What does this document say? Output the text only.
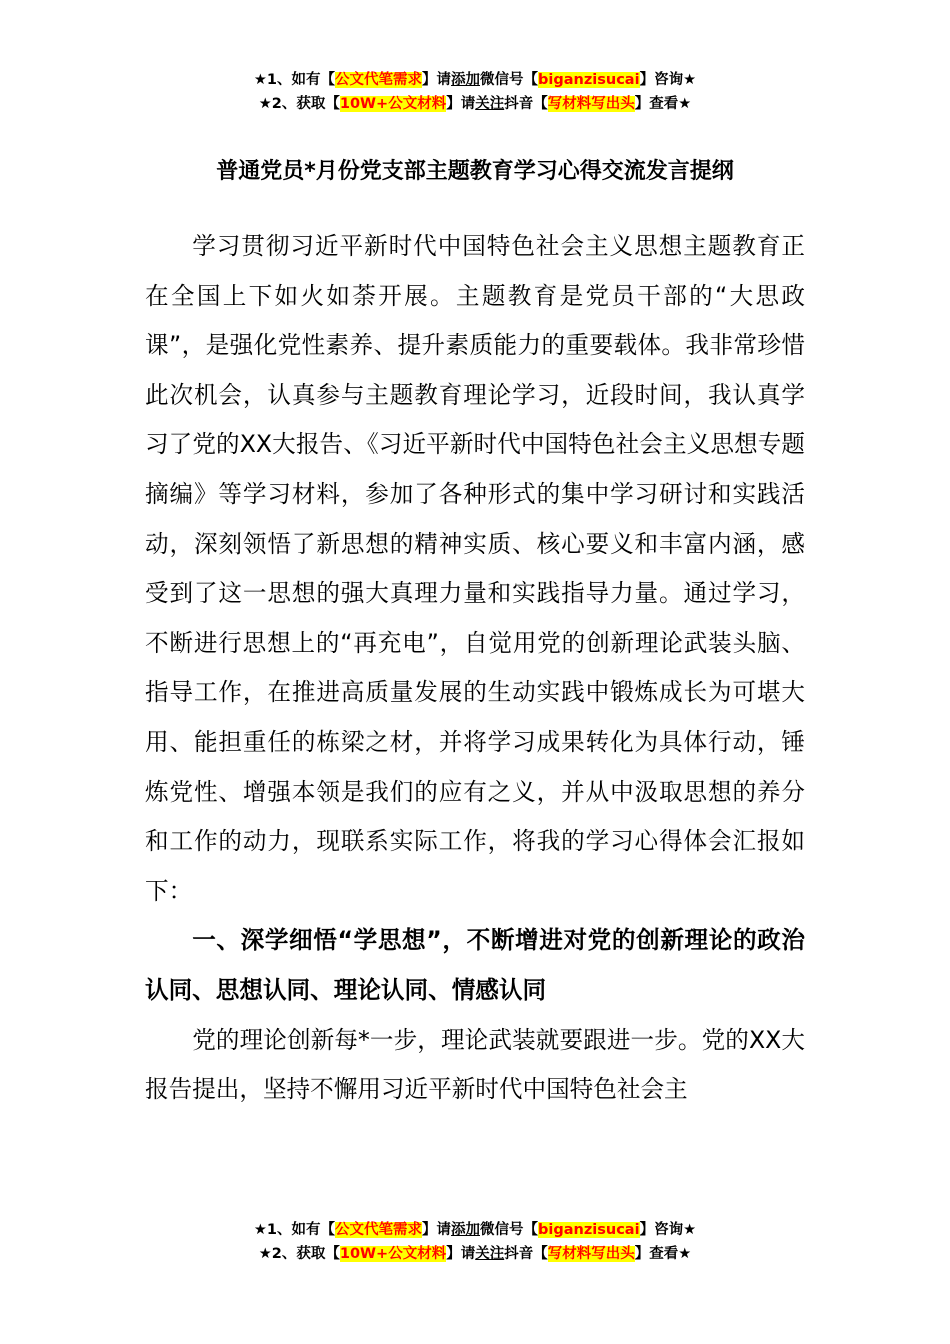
★1、如有【公文代笔需求】请添加微信号【biganzisucai】咨询★
★2、获取【10W+公文材料】请关注抖音【写材料写出头】查看★
普通党员*月份党支部主题教育学习心得交流发言提纲

学习贯彻习近平新时代中国特色社会主义思想主题教育正在全国上下如火如荼开展。主题教育是党员干部的“大思政课”，是强化党性素养、提升素质能力的重要载体。我非常珍惜此次机会，认真参与主题教育理论学习，近段时间，我认真学习了党的XX大报告、《习近平新时代中国特色社会主义思想专题摘编》等学习材料，参加了各种形式的集中学习研讨和实践活动，深刻领悟了新思想的精神实质、核心要义和丰富内涵，感受到了这一思想的强大真理力量和实践指导力量。通过学习，不断进行思想上的“再充电”，自觉用党的创新理论武装头脑、指导工作，在推进高质量发展的生动实践中锻炼成长为可堪大用、能担重任的栋梁之材，并将学习成果转化为具体行动，锤炼党性、增强本领是我们的应有之义，并从中汲取思想的养分和工作的动力，现联系实际工作，将我的学习心得体会汇报如下：

一、深学细悟“学思想”，不断增进对党的创新理论的政治认同、思想认同、理论认同、情感认同

党的理论创新每*一步，理论武装就要跟进一步。党的XX大报告提出，坚持不懈用习近平新时代中国特色社会主

★1、如有【公文代笔需求】请添加微信号【biganzisucai】咨询★
★2、获取【10W+公文材料】请关注抖音【写材料写出头】查看★
